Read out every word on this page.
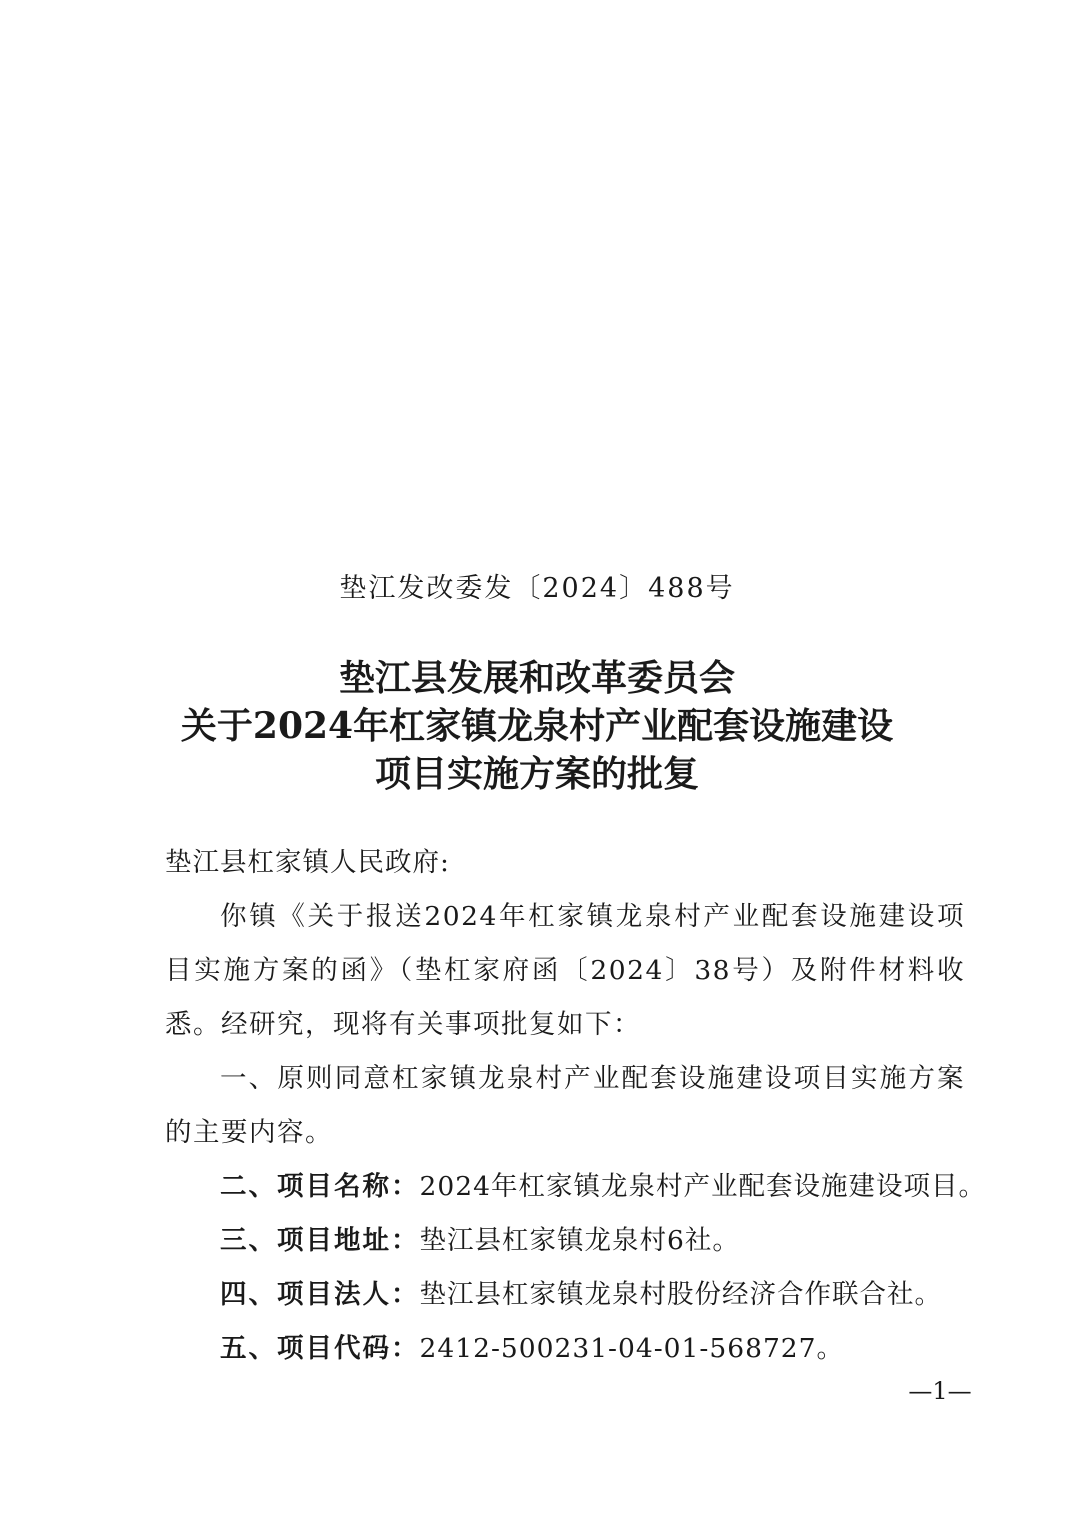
垫江发改委发〔2024〕488号
垫江县发展和改革委员会
关于2024年杠家镇龙泉村产业配套设施建设
项目实施方案的批复

垫江县杠家镇人民政府:

你镇《关于报送2024年杠家镇龙泉村产业配套设施建设项目实施方案的函》（垫杠家府函〔2024〕38号）及附件材料收悉。经研究，现将有关事项批复如下：

一、原则同意杠家镇龙泉村产业配套设施建设项目实施方案的主要内容。

二、项目名称：2024年杠家镇龙泉村产业配套设施建设项目。

三、项目地址：垫江县杠家镇龙泉村6社。

四、项目法人：垫江县杠家镇龙泉村股份经济合作联合社。

五、项目代码：2412-500231-04-01-568727。

—1—
